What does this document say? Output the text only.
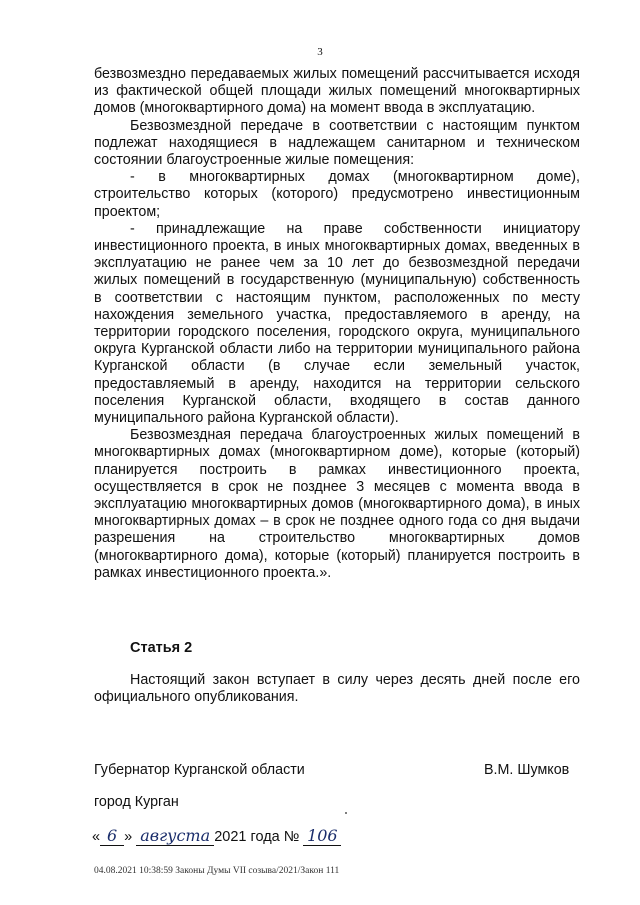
3

безвозмездно передаваемых жилых помещений рассчитывается исходя из фактической общей площади жилых помещений многоквартирных домов (многоквартирного дома) на момент ввода в эксплуатацию.

Безвозмездной передаче в соответствии с настоящим пунктом подлежат находящиеся в надлежащем санитарном и техническом состоянии благоустроенные жилые помещения:

- в многоквартирных домах (многоквартирном доме), строительство которых (которого) предусмотрено инвестиционным проектом;

- принадлежащие на праве собственности инициатору инвестиционного проекта, в иных многоквартирных домах, введенных в эксплуатацию не ранее чем за 10 лет до безвозмездной передачи жилых помещений в государственную (муниципальную) собственность в соответствии с настоящим пунктом, расположенных по месту нахождения земельного участка, предоставляемого в аренду, на территории городского поселения, городского округа, муниципального округа Курганской области либо на территории муниципального района Курганской области (в случае если земельный участок, предоставляемый в аренду, находится на территории сельского поселения Курганской области, входящего в состав данного муниципального района Курганской области).

Безвозмездная передача благоустроенных жилых помещений в многоквартирных домах (многоквартирном доме), которые (который) планируется построить в рамках инвестиционного проекта, осуществляется в срок не позднее 3 месяцев с момента ввода в эксплуатацию многоквартирных домов (многоквартирного дома), в иных многоквартирных домах – в срок не позднее одного года со дня выдачи разрешения на строительство многоквартирных домов (многоквартирного дома), которые (который) планируется построить в рамках инвестиционного проекта.».

Статья 2

Настоящий закон вступает в силу через десять дней после его официального опубликования.

Губернатор Курганской области	В.М. Шумков
город Курган
« 6 » августа 2021 года № 106
04.08.2021 10:38:59 Законы Думы VII созыва/2021/Закон 111
